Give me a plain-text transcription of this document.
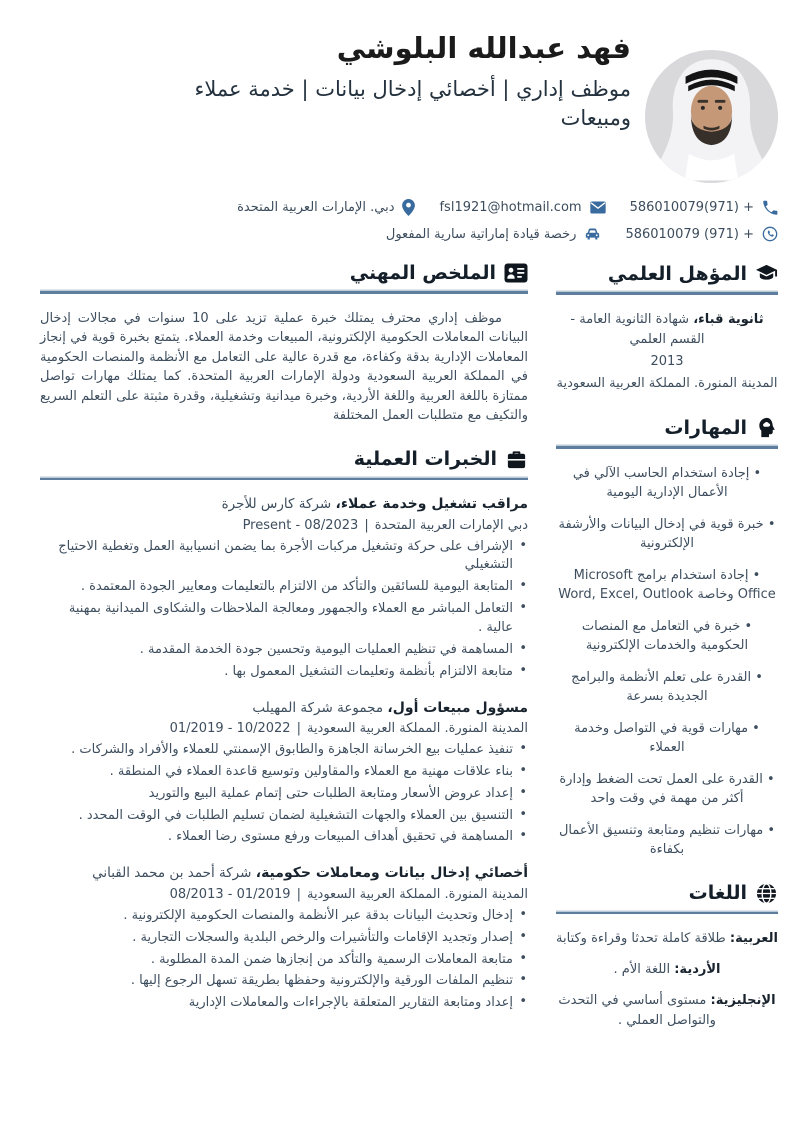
فهد عبدالله البلوشي
موظف إداري | أخصائي إدخال بيانات | خدمة عملاء ومبيعات
586010079(971) +
fsl1921@hotmail.com
دبي. الإمارات العربية المتحدة
586010079 (971) +
رخصة قيادة إماراتية سارية المفعول
المؤهل العلمي

ثانوية قباء، شهادة الثانوية العامة - القسم العلمي

2013

المدينة المنورة. المملكة العربية السعودية

المهارات
• إجادة استخدام الحاسب الآلي في الأعمال الإدارية اليومية
• خبرة قوية في إدخال البيانات والأرشفة الإلكترونية
• إجادة استخدام برامج Microsoft Office وخاصة Word, Excel, Outlook
• خبرة في التعامل مع المنصات الحكومية والخدمات الإلكترونية
• القدرة على تعلم الأنظمة والبرامج الجديدة بسرعة
• مهارات قوية في التواصل وخدمة العملاء
• القدرة على العمل تحت الضغط وإدارة أكثر من مهمة في وقت واحد
• مهارات تنظيم ومتابعة وتنسيق الأعمال بكفاءة
اللغات

العربية: طلاقة كاملة تحدثا وقراءة وكتابة

الأردية: اللغة الأم .

الإنجليزية: مستوى أساسي في التحدث والتواصل العملي .

الملخص المهني

موظف إداري محترف يمتلك خبرة عملية تزيد على 10 سنوات في مجالات إدخال البيانات المعاملات الحكومية الإلكترونية، المبيعات وخدمة العملاء. يتمتع بخبرة قوية في إنجاز المعاملات الإدارية بدقة وكفاءة، مع قدرة عالية على التعامل مع الأنظمة والمنصات الحكومية في المملكة العربية السعودية ودولة الإمارات العربية المتحدة. كما يمتلك مهارات تواصل ممتازة باللغة العربية واللغة الأردية، وخبرة ميدانية وتشغيلية، وقدرة مثبتة على التعلم السريع والتكيف مع متطلبات العمل المختلفة

الخبرات العملية
مراقب تشغيل وخدمة عملاء، شركة كارس للأجرة
دبي الإمارات العربية المتحدة
|
Present - 08/2023
• الإشراف على حركة وتشغيل مركبات الأجرة بما يضمن انسيابية العمل وتغطية الاحتياج التشغيلي
• المتابعة اليومية للسائقين والتأكد من الالتزام بالتعليمات ومعايير الجودة المعتمدة .
• التعامل المباشر مع العملاء والجمهور ومعالجة الملاحظات والشكاوى الميدانية بمهنية عالية .
• المساهمة في تنظيم العمليات اليومية وتحسين جودة الخدمة المقدمة .
• متابعة الالتزام بأنظمة وتعليمات التشغيل المعمول بها .
مسؤول مبيعات أول، مجموعة شركة المهيلب
المدينة المنورة. المملكة العربية السعودية
|
01/2019 - 10/2022
• تنفيذ عمليات بيع الخرسانة الجاهزة والطابوق الإسمنتي للعملاء والأفراد والشركات .
• بناء علاقات مهنية مع العملاء والمقاولين وتوسيع قاعدة العملاء في المنطقة .
• إعداد عروض الأسعار ومتابعة الطلبات حتى إتمام عملية البيع والتوريد
• التنسيق بين العملاء والجهات التشغيلية لضمان تسليم الطلبات في الوقت المحدد .
• المساهمة في تحقيق أهداف المبيعات ورفع مستوى رضا العملاء .
أخصائي إدخال بيانات ومعاملات حكومية، شركة أحمد بن محمد القباني
المدينة المنورة. المملكة العربية السعودية
|
08/2013 - 01/2019
• إدخال وتحديث البيانات بدقة عبر الأنظمة والمنصات الحكومية الإلكترونية .
• إصدار وتجديد الإقامات والتأشيرات والرخص البلدية والسجلات التجارية .
• متابعة المعاملات الرسمية والتأكد من إنجازها ضمن المدة المطلوبة .
• تنظيم الملفات الورقية والإلكترونية وحفظها بطريقة تسهل الرجوع إليها .
• إعداد ومتابعة التقارير المتعلقة بالإجراءات والمعاملات الإدارية
